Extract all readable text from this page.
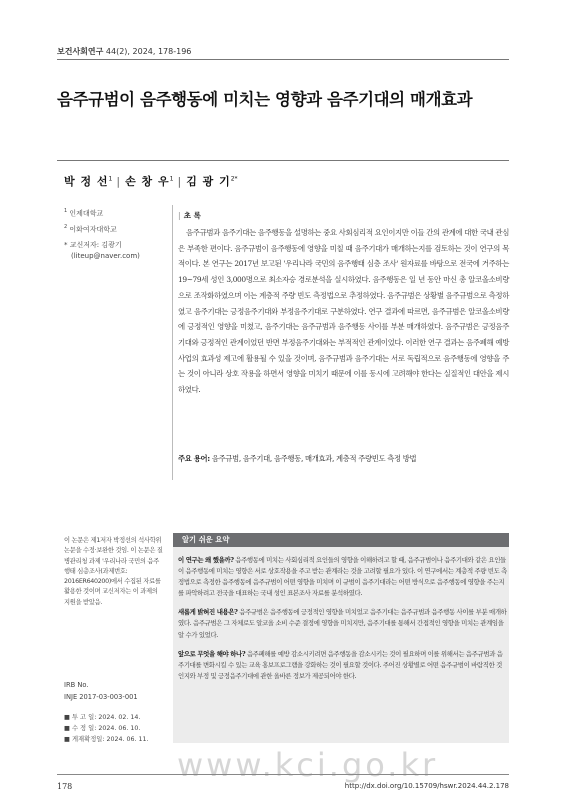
보건사회연구 44(2), 2024, 178-196
음주규범이 음주행동에 미치는 영향과 음주기대의 매개효과
박 정 선$^1$ | 손 창 우$^1$ | 김 광 기$^{2*}$
$^1$ 인제대학교
$^2$ 이화여자대학교
* 교신저자: 김광기
(liteup@naver.com)
| 초 록
음주규범과 음주기대는 음주행동을 설명하는 중요 사회심리적 요인이지만 이들 간의 관계에 대한 국내 관심은 부족한 편이다. 음주규범이 음주행동에 영향을 미칠 때 음주기대가 매개하는지를 검토하는 것이 연구의 목적이다. 본 연구는 2017년 보고된 '우리나라 국민의 음주행태 심층 조사' 원자료를 바탕으로 전국에 거주하는 19~79세 성인 3,000명으로 최소자승 경로분석을 실시하였다. 음주행동은 일 년 동안 마신 총 알코올소비량으로 조작화하였으며 이는 계층적 주량 빈도 측정법으로 추정하였다. 음주규범은 상황별 음주규범으로 측정하였고 음주기대는 긍정음주기대와 부정음주기대로 구분하였다. 연구 결과에 따르면, 음주규범은 알코올소비량에 긍정적인 영향을 미쳤고, 음주기대는 음주규범과 음주행동 사이를 부분 매개하였다. 음주규범은 긍정음주기대와 긍정적인 관계이었던 반면 부정음주기대와는 부적적인 관계이었다. 이러한 연구 결과는 음주폐해 예방 사업의 효과성 제고에 활용될 수 있을 것이며, 음주규범과 음주기대는 서로 독립적으로 음주행동에 영향을 주는 것이 아니라 상호 작용을 하면서 영향을 미치기 때문에 이를 동시에 고려해야 한다는 실질적인 대안을 제시하였다.
주요 용어: 음주규범, 음주기대, 음주행동, 매개효과, 계층적 주량빈도 측정 방법
이 논문은 제1저자 박정선의 석사학위논문을 수정·보완한 것임. 이 논문은 질병관리청 과제 '우리나라 국민의 음주행태 심층조사(과제번호: 2016ER640200)에서 수집된 자료를 활용한 것이며 교신저자는 이 과제의 지원을 받았음.
IRB No.
INJE 2017-03-003-001
■ 투 고 일: 2024. 02. 14.
■ 수 정 일: 2024. 06. 10.
■ 게재확정일: 2024. 06. 11.
알기 쉬운 요약

이 연구는 왜 했을까? 음주행동에 미치는 사회심리적 요인들의 영향을 이해하려고 할 때, 음주규범이나 음주기대와 같은 요인들이 음주행동에 미치는 영향은 서로 상호작용을 주고 받는 관계라는 것을 고려할 필요가 있다. 이 연구에서는 계층적 주량 빈도 측정법으로 측정한 음주행동에 음주규범이 어떤 영향을 미치며 이 규범이 음주기대라는 어떤 방식으로 음주행동에 영향을 주는지를 파악하려고 전국을 대표하는 국내 성인 표본조사 자료를 분석하였다.

새롭게 밝혀진 내용은? 음주규범은 음주행동에 긍정적인 영향을 미치었고 음주기대는 음주규범과 음주행동 사이를 부분 매개하였다. 음주규범은 그 자체로도 알코올 소비 수준 결정에 영향을 미치지만, 음주기대를 통해서 간접적인 영향을 미치는 관계임을 알 수가 있었다.

앞으로 무엇을 해야 하나? 음주폐해를 예방 감소시키려면 음주행동을 감소시키는 것이 필요하며 이를 위해서는 음주규범과 음주기대를 변화시킬 수 있는 교육 홍보프로그램을 강화하는 것이 필요할 것이다. 주어진 상황별로 어떤 음주규범이 바람직한 것인지와 부정 및 긍정음주기대에 관한 올바른 정보가 제공되어야 한다.

www.kci.go.kr
178	http://dx.doi.org/10.15709/hswr.2024.44.2.178
